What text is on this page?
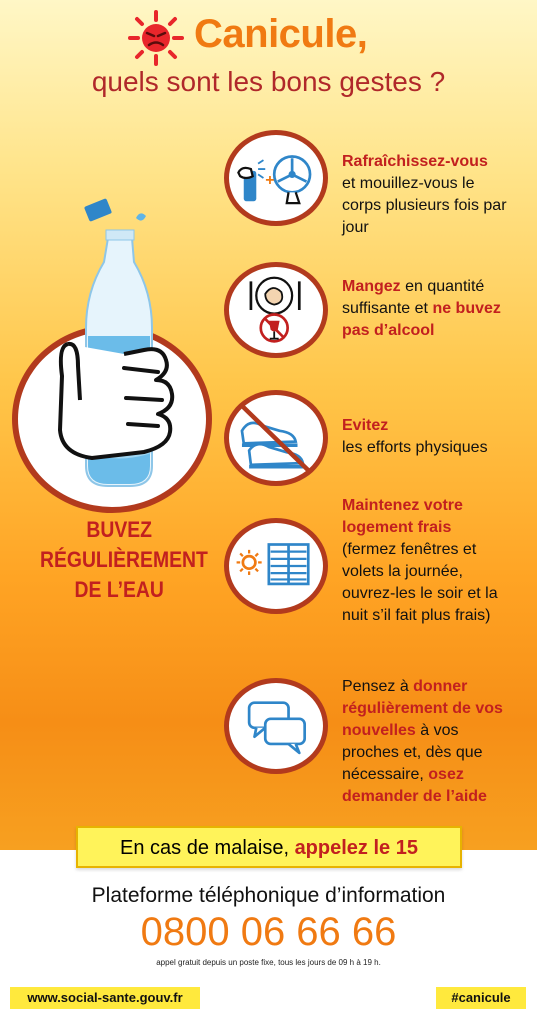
Canicule,
quels sont les bons gestes ?
BUVEZ
RÉGULIÈREMENT
DE L’EAU
+
Rafraîchissez-vous
et mouillez-vous le corps plusieurs fois par jour
Mangez en quantité suffisante et ne buvez pas d’alcool
Evitez
les efforts physiques
Maintenez votre logement frais
(fermez fenêtres et volets la journée, ouvrez-les le soir et la nuit s’il fait plus frais)
Pensez à donner régulièrement de vos nouvelles à vos proches et, dès que nécessaire, osez demander de l’aide
En cas de malaise, appelez le 15
Plateforme téléphonique d’information
0800 06 66 66
appel gratuit depuis un poste fixe, tous les jours de 09 h à 19 h.
www.social-sante.gouv.fr	#canicule
